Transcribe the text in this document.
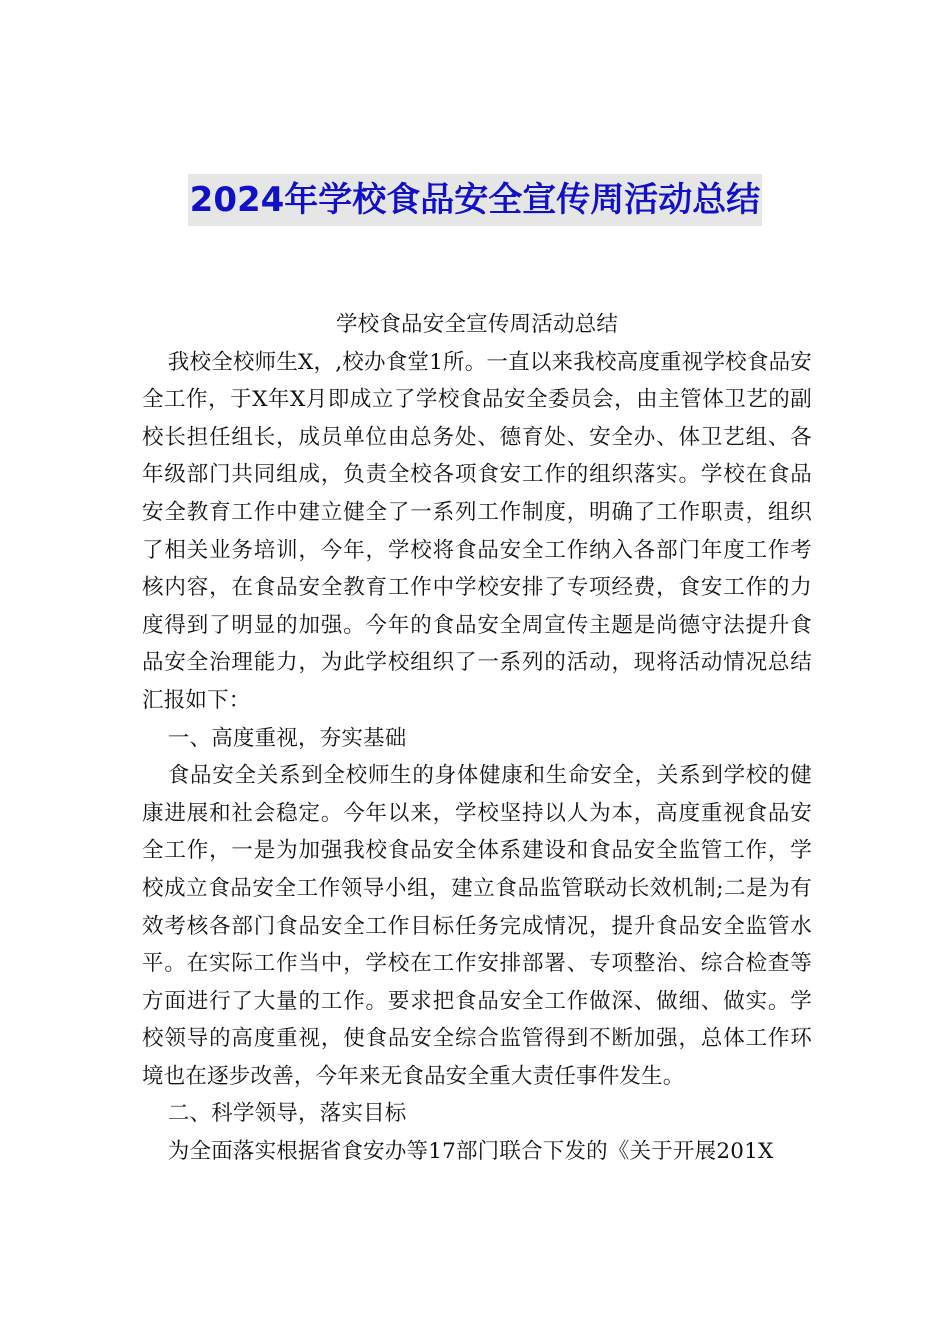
2024年学校食品安全宣传周活动总结

学校食品安全宣传周活动总结

我校全校师生X，,校办食堂1所。一直以来我校高度重视学校食品安全工作，于X年X月即成立了学校食品安全委员会，由主管体卫艺的副校长担任组长，成员单位由总务处、德育处、安全办、体卫艺组、各年级部门共同组成，负责全校各项食安工作的组织落实。学校在食品安全教育工作中建立健全了一系列工作制度，明确了工作职责，组织了相关业务培训，今年，学校将食品安全工作纳入各部门年度工作考核内容，在食品安全教育工作中学校安排了专项经费，食安工作的力度得到了明显的加强。今年的食品安全周宣传主题是尚德守法提升食品安全治理能力，为此学校组织了一系列的活动，现将活动情况总结汇报如下：

一、高度重视，夯实基础

食品安全关系到全校师生的身体健康和生命安全，关系到学校的健康进展和社会稳定。今年以来，学校坚持以人为本，高度重视食品安全工作，一是为加强我校食品安全体系建设和食品安全监管工作，学校成立食品安全工作领导小组，建立食品监管联动长效机制;二是为有效考核各部门食品安全工作目标任务完成情况，提升食品安全监管水平。在实际工作当中，学校在工作安排部署、专项整治、综合检查等方面进行了大量的工作。要求把食品安全工作做深、做细、做实。学校领导的高度重视，使食品安全综合监管得到不断加强，总体工作环境也在逐步改善，今年来无食品安全重大责任事件发生。

二、科学领导，落实目标

为全面落实根据省食安办等17部门联合下发的《关于开展201X
